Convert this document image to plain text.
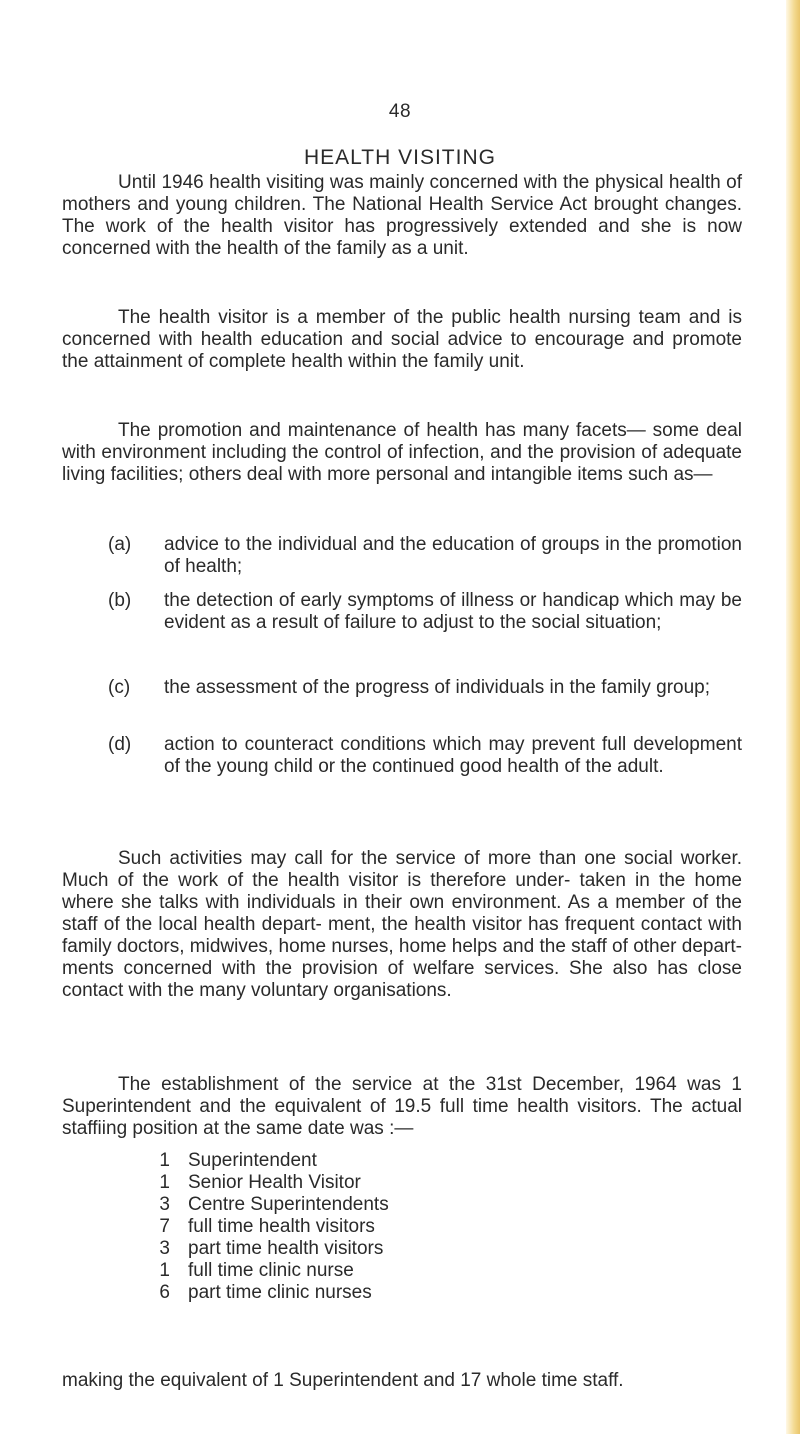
48
HEALTH VISITING

Until 1946 health visiting was mainly concerned with the physical health of mothers and young children. The National Health Service Act brought changes. The work of the health visitor has progressively extended and she is now concerned with the health of the family as a unit.

The health visitor is a member of the public health nursing team and is concerned with health education and social advice to encourage and promote the attainment of complete health within the family unit.

The promotion and maintenance of health has many facets— some deal with environment including the control of infection, and the provision of adequate living facilities; others deal with more personal and intangible items such as—

(a) advice to the individual and the education of groups in the promotion of health;
(b) the detection of early symptoms of illness or handicap which may be evident as a result of failure to adjust to the social situation;
(c) the assessment of the progress of individuals in the family group;
(d) action to counteract conditions which may prevent full development of the young child or the continued good health of the adult.

Such activities may call for the service of more than one social worker. Much of the work of the health visitor is therefore under- taken in the home where she talks with individuals in their own environment. As a member of the staff of the local health depart- ment, the health visitor has frequent contact with family doctors, midwives, home nurses, home helps and the staff of other depart- ments concerned with the provision of welfare services. She also has close contact with the many voluntary organisations.

The establishment of the service at the 31st December, 1964 was 1 Superintendent and the equivalent of 19.5 full time health visitors. The actual staffiing position at the same date was :—

1 Superintendent
1 Senior Health Visitor
3 Centre Superintendents
7 full time health visitors
3 part time health visitors
1 full time clinic nurse
6 part time clinic nurses
making the equivalent of 1 Superintendent and 17 whole time staff.
